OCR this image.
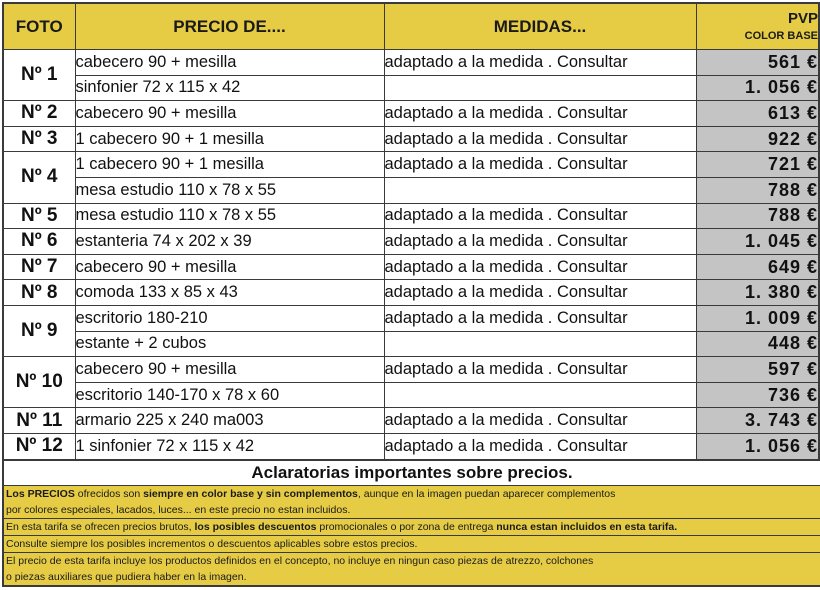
FOTO	PRECIO DE....	MEDIDAS...	PVP
COLOR BASE

Nº 1	cabecero 90 + mesilla	adaptado a la medida . Consultar	561 €
	sinfonier 72 x 115 x 42		1. 056 €
Nº 2	cabecero 90 + mesilla	adaptado a la medida . Consultar	613 €
Nº 3	1 cabecero 90 + 1 mesilla	adaptado a la medida . Consultar	922 €
Nº 4	1 cabecero 90 + 1 mesilla	adaptado a la medida . Consultar	721 €
	mesa estudio 110 x 78 x 55		788 €
Nº 5	mesa estudio 110 x 78 x 55	adaptado a la medida . Consultar	788 €
Nº 6	estanteria 74 x 202 x 39	adaptado a la medida . Consultar	1. 045 €
Nº 7	cabecero 90 + mesilla	adaptado a la medida . Consultar	649 €
Nº 8	comoda 133 x 85 x 43	adaptado a la medida . Consultar	1. 380 €
Nº 9	escritorio 180-210	adaptado a la medida . Consultar	1. 009 €
	estante + 2 cubos		448 €
Nº 10	cabecero 90 + mesilla	adaptado a la medida . Consultar	597 €
	escritorio 140-170 x 78 x 60		736 €
Nº 11	armario 225 x 240 ma003	adaptado a la medida . Consultar	3. 743 €
Nº 12	1 sinfonier 72 x 115 x 42	adaptado a la medida . Consultar	1. 056 €
Aclaratorias importantes sobre precios.
Los PRECIOS ofrecidos son siempre en color base y sin complementos, aunque en la imagen puedan aparecer complementos
por colores especiales, lacados, luces... en este precio no estan incluidos.
En esta tarifa se ofrecen precios brutos, los posibles descuentos promocionales o por zona de entrega nunca estan incluidos en esta tarifa.
Consulte siempre los posibles incrementos o descuentos aplicables sobre estos precios.
El precio de esta tarifa incluye los productos definidos en el concepto, no incluye en ningun caso piezas de atrezzo, colchones
o piezas auxiliares que pudiera haber en la imagen.
